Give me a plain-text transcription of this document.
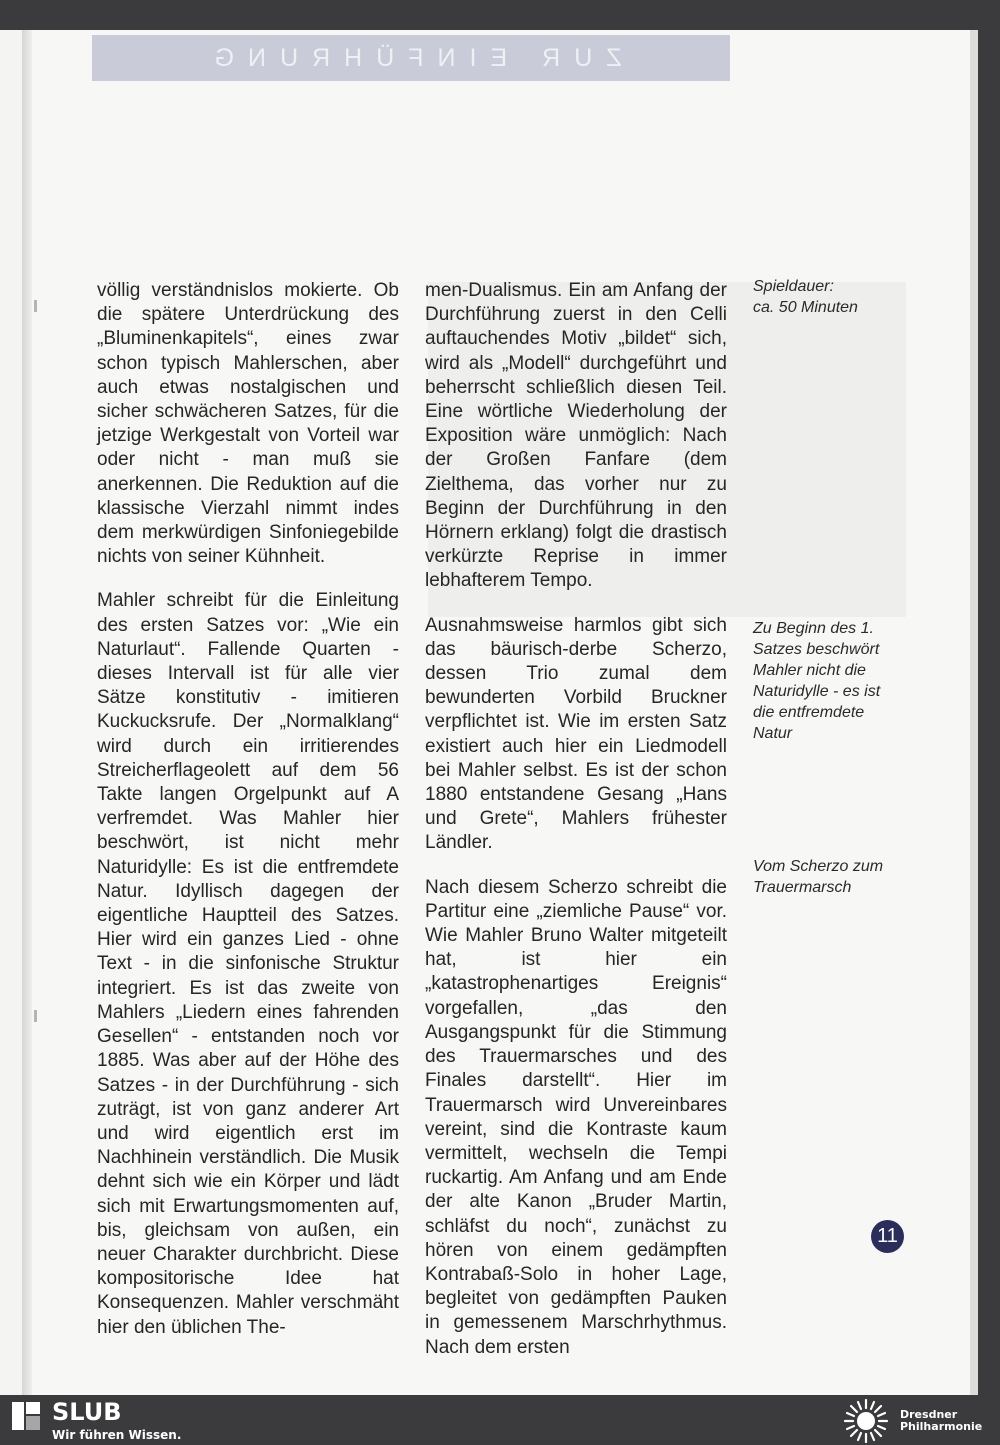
ZUR EINFÜHRUNG

völlig verständnislos mokierte. Ob die spätere Unterdrückung des „Bluminenkapitels“, eines zwar schon typisch Mahlerschen, aber auch etwas nostalgischen und sicher schwächeren Satzes, für die jetzige Werkgestalt von Vorteil war oder nicht - man muß sie anerkennen. Die Reduktion auf die klassische Vierzahl nimmt indes dem merkwürdigen Sinfoniegebilde nichts von seiner Kühnheit.

Mahler schreibt für die Einleitung des ersten Satzes vor: „Wie ein Naturlaut“. Fallende Quarten - dieses Intervall ist für alle vier Sätze konstitutiv - imitieren Kuckucksrufe. Der „Normalklang“ wird durch ein irritierendes Streicherflageolett auf dem 56 Takte langen Orgelpunkt auf A verfremdet. Was Mahler hier beschwört, ist nicht mehr Naturidylle: Es ist die entfremdete Natur. Idyllisch dagegen der eigentliche Hauptteil des Satzes. Hier wird ein ganzes Lied - ohne Text - in die sinfonische Struktur integriert. Es ist das zweite von Mahlers „Liedern eines fahrenden Gesellen“ - entstanden noch vor 1885. Was aber auf der Höhe des Satzes - in der Durchführung - sich zuträgt, ist von ganz anderer Art und wird eigentlich erst im Nachhinein verständlich. Die Musik dehnt sich wie ein Körper und lädt sich mit Erwartungsmomenten auf, bis, gleichsam von außen, ein neuer Charakter durchbricht. Diese kompositorische Idee hat Konsequenzen. Mahler verschmäht hier den üblichen The-

men-Dualismus. Ein am Anfang der Durchführung zuerst in den Celli auftauchendes Motiv „bildet“ sich, wird als „Modell“ durchgeführt und beherrscht schließlich diesen Teil. Eine wörtliche Wiederholung der Exposition wäre unmöglich: Nach der Großen Fanfare (dem Zielthema, das vorher nur zu Beginn der Durchführung in den Hörnern erklang) folgt die drastisch verkürzte Reprise in immer lebhafterem Tempo.

Ausnahmsweise harmlos gibt sich das bäurisch-derbe Scherzo, dessen Trio zumal dem bewunderten Vorbild Bruckner verpflichtet ist. Wie im ersten Satz existiert auch hier ein Liedmodell bei Mahler selbst. Es ist der schon 1880 entstandene Gesang „Hans und Grete“, Mahlers frühester Ländler.

Nach diesem Scherzo schreibt die Partitur eine „ziemliche Pause“ vor. Wie Mahler Bruno Walter mitgeteilt hat, ist hier ein „katastrophenartiges Ereignis“ vorgefallen, „das den Ausgangspunkt für die Stimmung des Trauermarsches und des Finales darstellt“. Hier im Trauermarsch wird Unvereinbares vereint, sind die Kontraste kaum vermittelt, wechseln die Tempi ruckartig. Am Anfang und am Ende der alte Kanon „Bruder Martin, schläfst du noch“, zunächst zu hören von einem gedämpften Kontrabaß-Solo in hoher Lage, begleitet von gedämpften Pauken in gemessenem Marschrhythmus. Nach dem ersten

Spieldauer:
ca. 50 Minuten
Zu Beginn des 1. Satzes beschwört Mahler nicht die Naturidylle - es ist die entfremdete Natur
Vom Scherzo zum Trauermarsch
11
SLUB
Wir führen Wissen.
Dresdner
Philharmonie
